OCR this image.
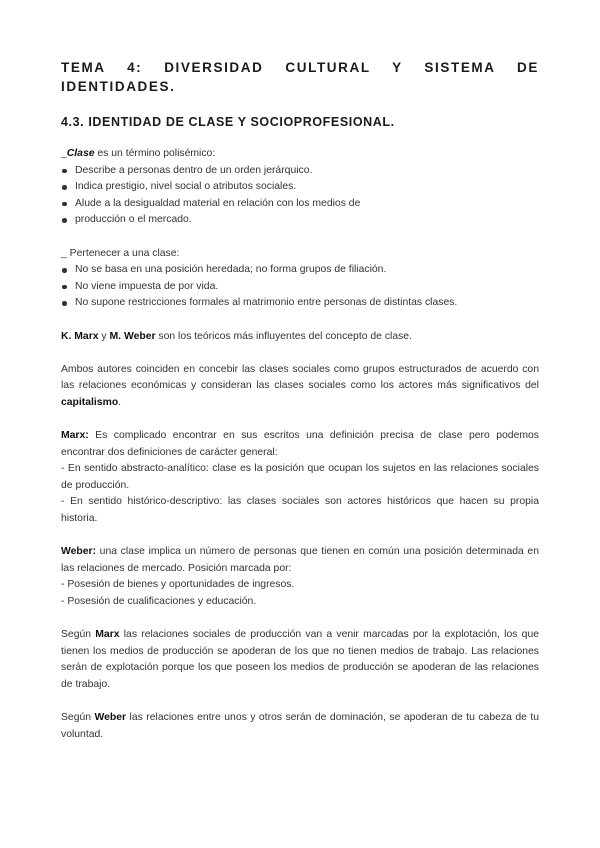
TEMA 4: DIVERSIDAD CULTURAL Y SISTEMA DE IDENTIDADES.
4.3. IDENTIDAD DE CLASE Y SOCIOPROFESIONAL.
_Clase es un término polisémico:
Describe a personas dentro de un orden jerárquico.
Indica prestigio, nivel social o atributos sociales.
Alude a la desigualdad material en relación con los medios de
producción o el mercado.
_ Pertenecer a una clase:
No se basa en una posición heredada; no forma grupos de filiación.
No viene impuesta de por vida.
No supone restricciones formales al matrimonio entre personas de distintas clases.

K. Marx y M. Weber son los teóricos más influyentes del concepto de clase.

Ambos autores coinciden en concebir las clases sociales como grupos estructurados de acuerdo con las relaciones económicas y consideran las clases sociales como los actores más significativos del capitalismo.

Marx: Es complicado encontrar en sus escritos una definición precisa de clase pero podemos encontrar dos definiciones de carácter general:
- En sentido abstracto-analítico: clase es la posición que ocupan los sujetos en las relaciones sociales de producción.
- En sentido histórico-descriptivo: las clases sociales son actores históricos que hacen su propia historia.
Weber: una clase implica un número de personas que tienen en común una posición determinada en las relaciones de mercado. Posición marcada por:
- Posesión de bienes y oportunidades de ingresos.
- Posesión de cualificaciones y educación.

Según Marx las relaciones sociales de producción van a venir marcadas por la explotación, los que tienen los medios de producción se apoderan de los que no tienen medios de trabajo. Las relaciones serán de explotación porque los que poseen los medios de producción se apoderan de las relaciones de trabajo.

Según Weber las relaciones entre unos y otros serán de dominación, se apoderan de tu cabeza de tu voluntad.
